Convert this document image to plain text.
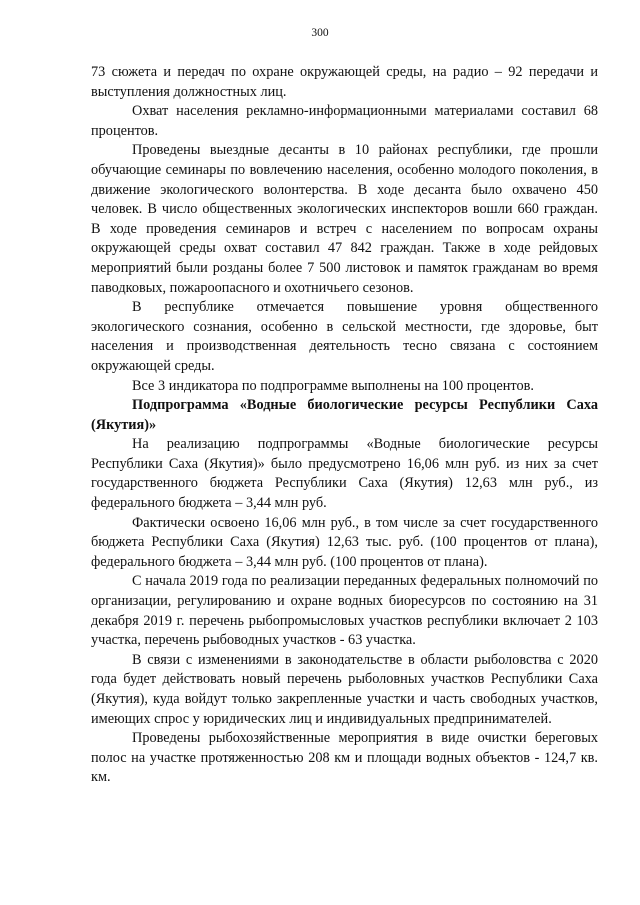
300

73 сюжета и передач по охране окружающей среды, на радио – 92 передачи и выступления должностных лиц.

Охват населения рекламно-информационными материалами составил 68 процентов.

Проведены выездные десанты в 10 районах республики, где прошли обучающие семинары по вовлечению населения, особенно молодого поколения, в движение экологического волонтерства. В ходе десанта было охвачено 450 человек. В число общественных экологических инспекторов вошли 660 граждан. В ходе проведения семинаров и встреч с населением по вопросам охраны окружающей среды охват составил 47 842 граждан. Также в ходе рейдовых мероприятий были розданы более 7 500 листовок и памяток гражданам во время паводковых, пожароопасного и охотничьего сезонов.

В республике отмечается повышение уровня общественного экологического сознания, особенно в сельской местности, где здоровье, быт населения и производственная деятельность тесно связана с состоянием окружающей среды.

Все 3 индикатора по подпрограмме выполнены на 100 процентов.

Подпрограмма «Водные биологические ресурсы Республики Саха (Якутия)»

На реализацию подпрограммы «Водные биологические ресурсы Республики Саха (Якутия)» было предусмотрено 16,06 млн руб. из них за счет государственного бюджета Республики Саха (Якутия) 12,63 млн руб., из федерального бюджета – 3,44 млн руб.

Фактически освоено 16,06 млн руб., в том числе за счет государственного бюджета Республики Саха (Якутия) 12,63 тыс. руб. (100 процентов от плана), федерального бюджета – 3,44 млн руб. (100 процентов от плана).

С начала 2019 года по реализации переданных федеральных полномочий по организации, регулированию и охране водных биоресурсов по состоянию на 31 декабря 2019 г. перечень рыбопромысловых участков республики включает 2 103 участка, перечень рыбоводных участков - 63 участка.

В связи с изменениями в законодательстве в области рыболовства с 2020 года будет действовать новый перечень рыболовных участков Республики Саха (Якутия), куда войдут только закрепленные участки и часть свободных участков, имеющих спрос у юридических лиц и индивидуальных предпринимателей.

Проведены рыбохозяйственные мероприятия в виде очистки береговых полос на участке протяженностью 208 км и площади водных объектов - 124,7 кв. км.
